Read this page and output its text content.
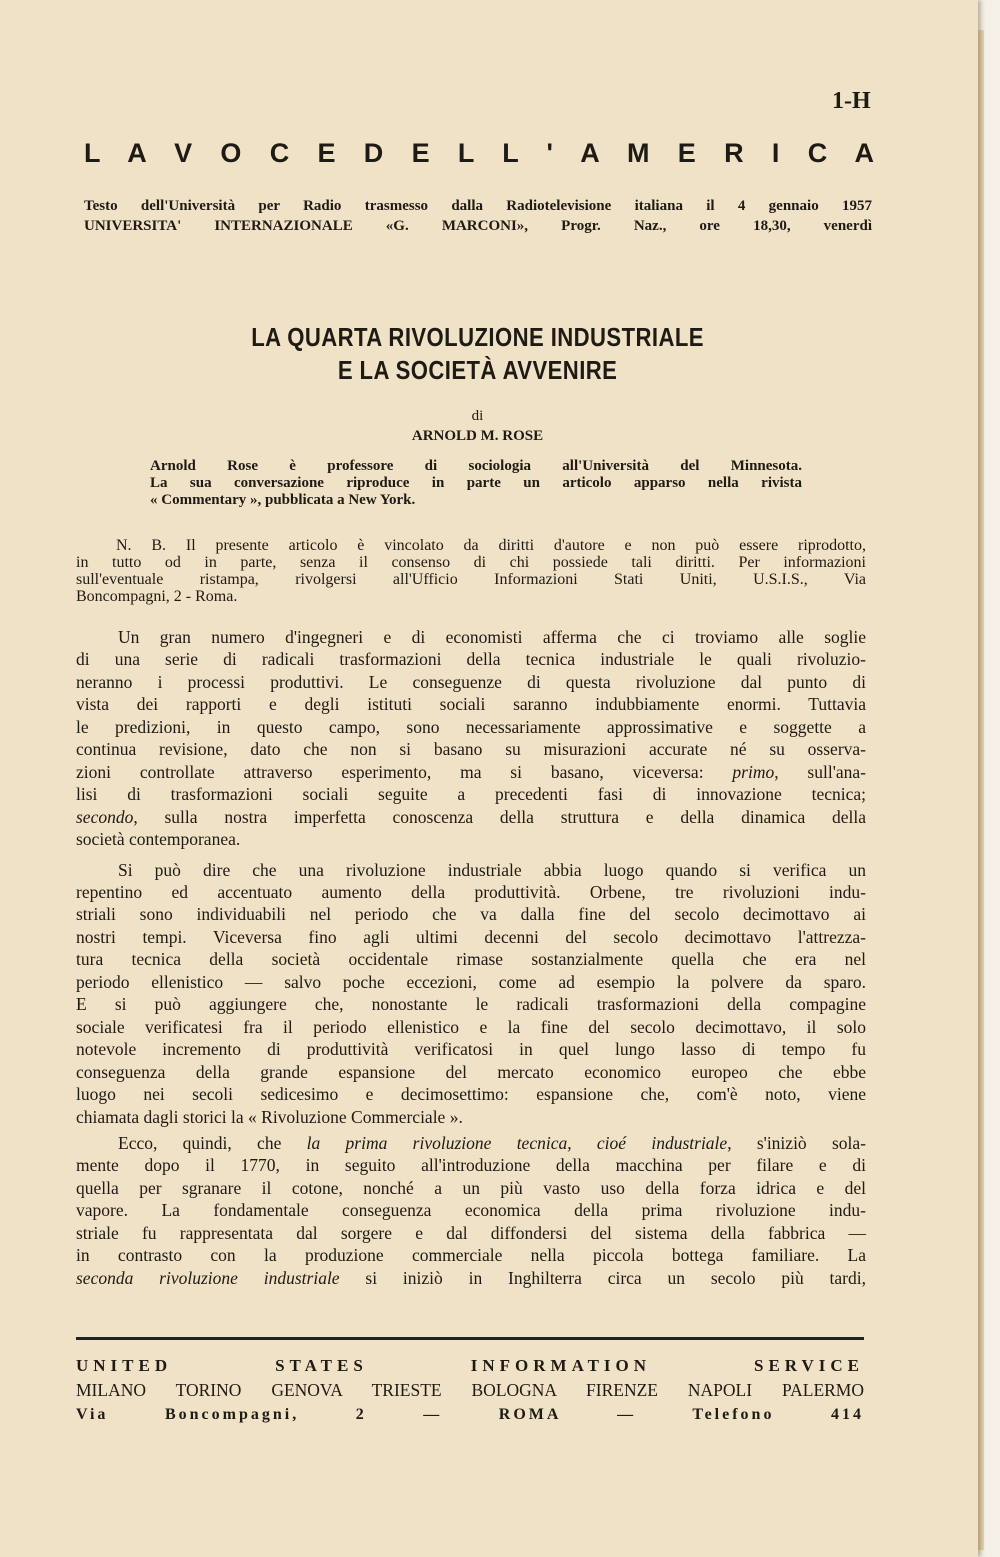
1-H
L A V O C E D E L L ' A M E R I C A
Testo dell'Università per Radio trasmesso dalla Radiotelevisione italiana il 4 gennaio 1957
UNIVERSITA' INTERNAZIONALE «G. MARCONI», Progr. Naz., ore 18,30, venerdì
LA QUARTA RIVOLUZIONE INDUSTRIALE
E LA SOCIETÀ AVVENIRE
di
ARNOLD M. ROSE
Arnold Rose è professore di sociologia all'Università del Minnesota.
La sua conversazione riproduce in parte un articolo apparso nella rivista
« Commentary », pubblicata a New York.
N. B. Il presente articolo è vincolato da diritti d'autore e non può essere riprodotto,
in tutto od in parte, senza il consenso di chi possiede tali diritti. Per informazioni
sull'eventuale ristampa, rivolgersi all'Ufficio Informazioni Stati Uniti, U.S.I.S., Via
Boncompagni, 2 - Roma.
Un gran numero d'ingegneri e di economisti afferma che ci troviamo alle soglie
di una serie di radicali trasformazioni della tecnica industriale le quali rivoluzio-
neranno i processi produttivi. Le conseguenze di questa rivoluzione dal punto di
vista dei rapporti e degli istituti sociali saranno indubbiamente enormi. Tuttavia
le predizioni, in questo campo, sono necessariamente approssimative e soggette a
continua revisione, dato che non si basano su misurazioni accurate né su osserva-
zioni controllate attraverso esperimento, ma si basano, viceversa: primo, sull'ana-
lisi di trasformazioni sociali seguite a precedenti fasi di innovazione tecnica;
secondo, sulla nostra imperfetta conoscenza della struttura e della dinamica della
società contemporanea.
Si può dire che una rivoluzione industriale abbia luogo quando si verifica un
repentino ed accentuato aumento della produttività. Orbene, tre rivoluzioni indu-
striali sono individuabili nel periodo che va dalla fine del secolo decimottavo ai
nostri tempi. Viceversa fino agli ultimi decenni del secolo decimottavo l'attrezza-
tura tecnica della società occidentale rimase sostanzialmente quella che era nel
periodo ellenistico — salvo poche eccezioni, come ad esempio la polvere da sparo.
E si può aggiungere che, nonostante le radicali trasformazioni della compagine
sociale verificatesi fra il periodo ellenistico e la fine del secolo decimottavo, il solo
notevole incremento di produttività verificatosi in quel lungo lasso di tempo fu
conseguenza della grande espansione del mercato economico europeo che ebbe
luogo nei secoli sedicesimo e decimosettimo: espansione che, com'è noto, viene
chiamata dagli storici la « Rivoluzione Commerciale ».
Ecco, quindi, che la prima rivoluzione tecnica, cioé industriale, s'iniziò sola-
mente dopo il 1770, in seguito all'introduzione della macchina per filare e di
quella per sgranare il cotone, nonché a un più vasto uso della forza idrica e del
vapore. La fondamentale conseguenza economica della prima rivoluzione indu-
striale fu rappresentata dal sorgere e dal diffondersi del sistema della fabbrica —
in contrasto con la produzione commerciale nella piccola bottega familiare. La
seconda rivoluzione industriale si iniziò in Inghilterra circa un secolo più tardi,
UNITED STATES INFORMATION SERVICE
MILANO TORINO GENOVA TRIESTE BOLOGNA FIRENZE NAPOLI PALERMO
Via Boncompagni, 2 — ROMA — Telefono 414
